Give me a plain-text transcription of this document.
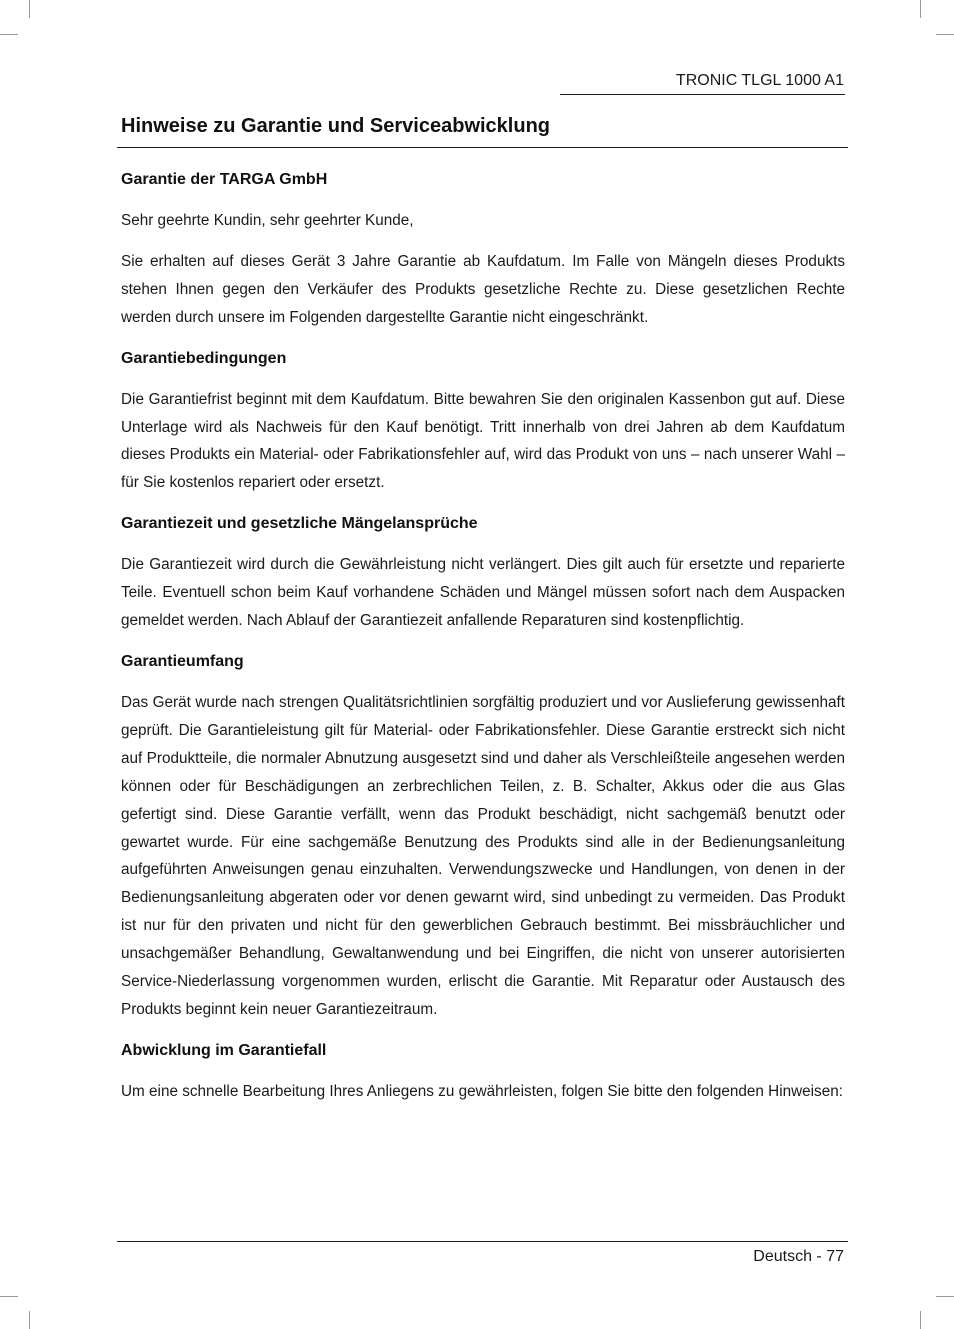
TRONIC TLGL 1000 A1
Hinweise zu Garantie und Serviceabwicklung
Garantie der TARGA GmbH

Sehr geehrte Kundin, sehr geehrter Kunde,

Sie erhalten auf dieses Gerät 3 Jahre Garantie ab Kaufdatum. Im Falle von Mängeln dieses Produkts stehen Ihnen gegen den Verkäufer des Produkts gesetzliche Rechte zu. Diese gesetzlichen Rechte werden durch unsere im Folgenden dargestellte Garantie nicht eingeschränkt.

Garantiebedingungen

Die Garantiefrist beginnt mit dem Kaufdatum. Bitte bewahren Sie den originalen Kassenbon gut auf. Diese Unterlage wird als Nachweis für den Kauf benötigt. Tritt innerhalb von drei Jahren ab dem Kaufdatum dieses Produkts ein Material- oder Fabrikationsfehler auf, wird das Produkt von uns – nach unserer Wahl – für Sie kostenlos repariert oder ersetzt.

Garantiezeit und gesetzliche Mängelansprüche

Die Garantiezeit wird durch die Gewährleistung nicht verlängert. Dies gilt auch für ersetzte und reparierte Teile. Eventuell schon beim Kauf vorhandene Schäden und Mängel müssen sofort nach dem Auspacken gemeldet werden. Nach Ablauf der Garantiezeit anfallende Reparaturen sind kostenpflichtig.

Garantieumfang

Das Gerät wurde nach strengen Qualitätsrichtlinien sorgfältig produziert und vor Auslieferung gewissenhaft geprüft. Die Garantieleistung gilt für Material- oder Fabrikationsfehler. Diese Garantie erstreckt sich nicht auf Produktteile, die normaler Abnutzung ausgesetzt sind und daher als Verschleißteile angesehen werden können oder für Beschädigungen an zerbrechlichen Teilen, z. B. Schalter, Akkus oder die aus Glas gefertigt sind. Diese Garantie verfällt, wenn das Produkt beschädigt, nicht sachgemäß benutzt oder gewartet wurde. Für eine sachgemäße Benutzung des Produkts sind alle in der Bedienungsanleitung aufgeführten Anweisungen genau einzuhalten. Verwendungszwecke und Handlungen, von denen in der Bedienungsanleitung abgeraten oder vor denen gewarnt wird, sind unbedingt zu vermeiden. Das Produkt ist nur für den privaten und nicht für den gewerblichen Gebrauch bestimmt. Bei missbräuchlicher und unsachgemäßer Behandlung, Gewaltanwendung und bei Eingriffen, die nicht von unserer autorisierten Service-Niederlassung vorgenommen wurden, erlischt die Garantie. Mit Reparatur oder Austausch des Produkts beginnt kein neuer Garantiezeitraum.

Abwicklung im Garantiefall

Um eine schnelle Bearbeitung Ihres Anliegens zu gewährleisten, folgen Sie bitte den folgenden Hinweisen:

Deutsch - 77
